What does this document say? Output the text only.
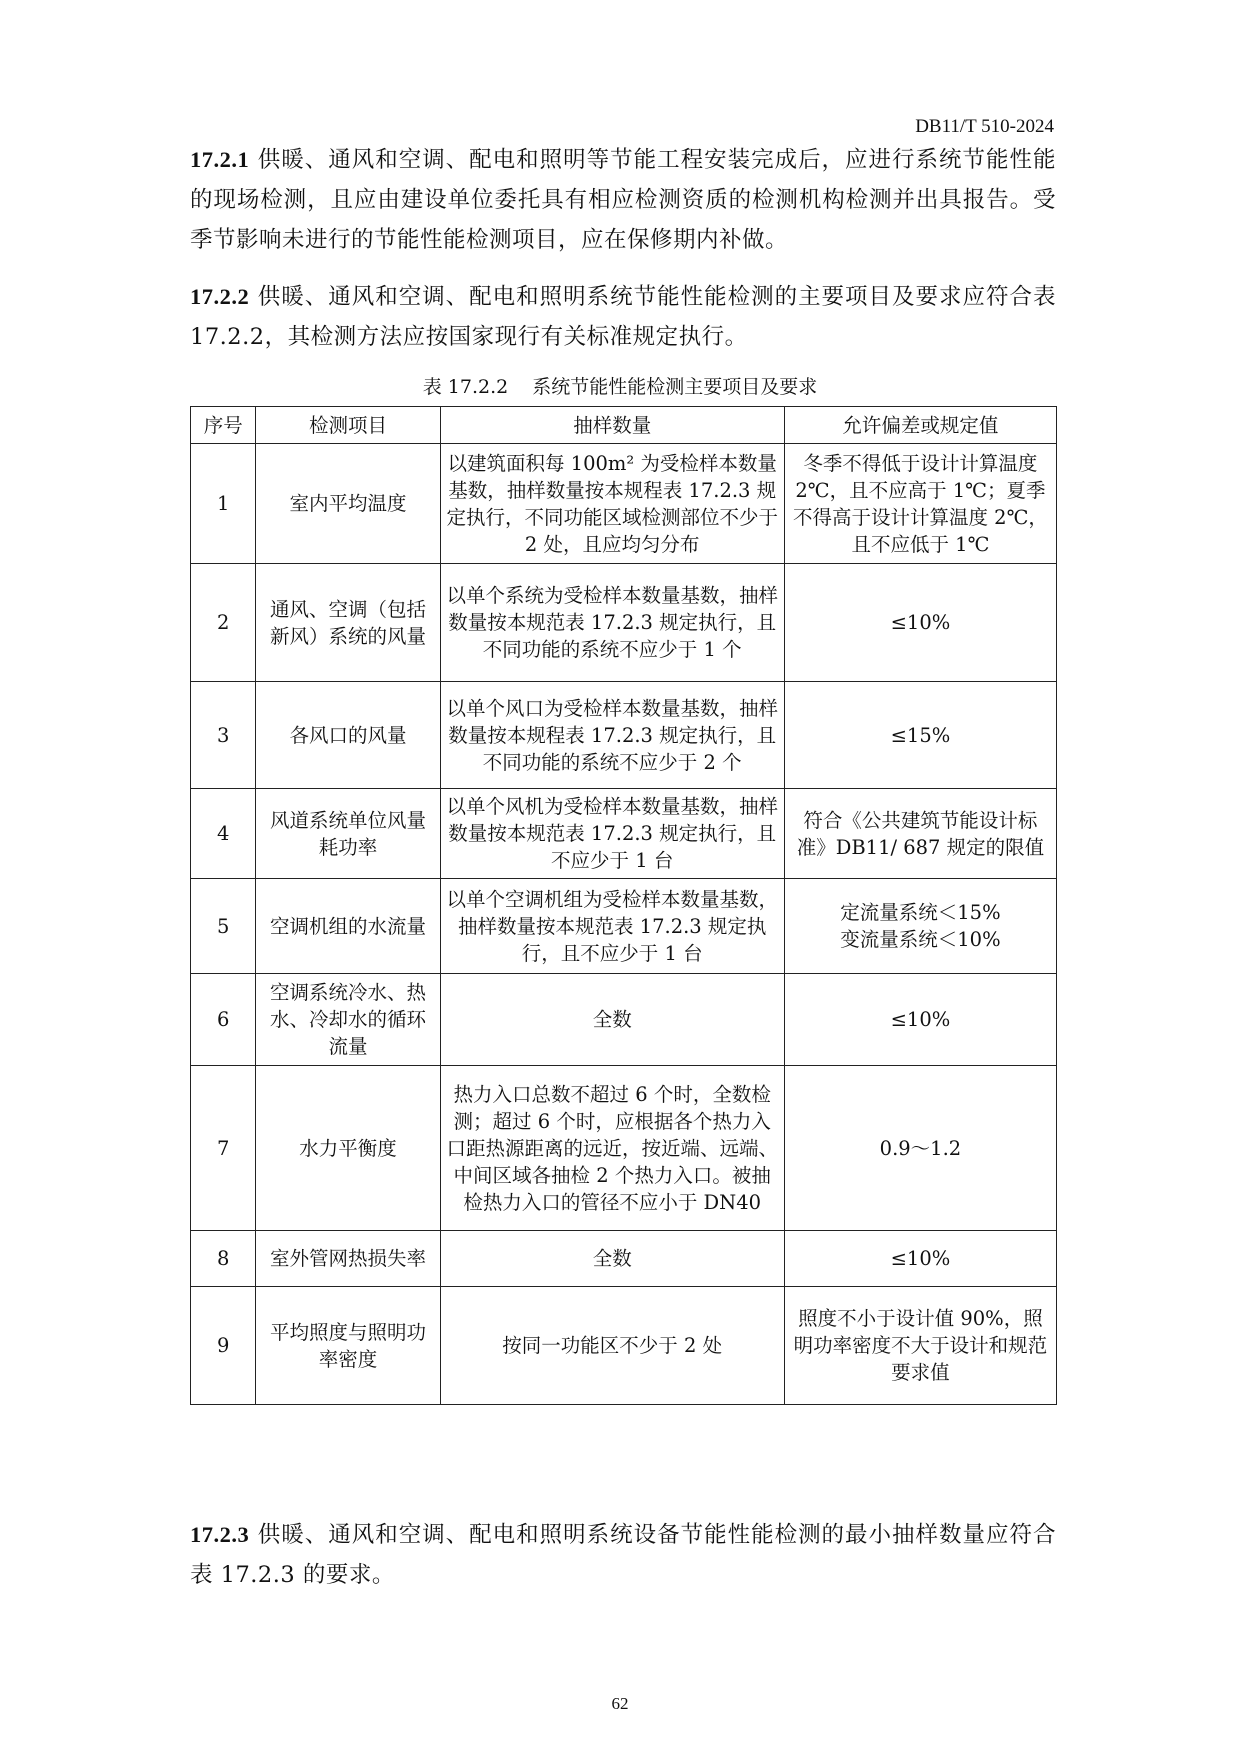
DB11/T 510-2024
17.2.1 供暖、通风和空调、配电和照明等节能工程安装完成后，应进行系统节能性能的现场检测，且应由建设单位委托具有相应检测资质的检测机构检测并出具报告。受季节影响未进行的节能性能检测项目，应在保修期内补做。
17.2.2 供暖、通风和空调、配电和照明系统节能性能检测的主要项目及要求应符合表 17.2.2，其检测方法应按国家现行有关标准规定执行。
表 17.2.2 系统节能性能检测主要项目及要求
序号	检测项目	抽样数量	允许偏差或规定值
1	室内平均温度	以建筑面积每 100m² 为受检样本数量基数，抽样数量按本规程表 17.2.3 规定执行，不同功能区域检测部位不少于 2 处，且应均匀分布	冬季不得低于设计计算温度 2℃，且不应高于 1℃；夏季不得高于设计计算温度 2℃，且不应低于 1℃
2	通风、空调（包括新风）系统的风量	以单个系统为受检样本数量基数，抽样数量按本规范表 17.2.3 规定执行，且不同功能的系统不应少于 1 个	≤10%
3	各风口的风量	以单个风口为受检样本数量基数，抽样数量按本规程表 17.2.3 规定执行，且不同功能的系统不应少于 2 个	≤15%
4	风道系统单位风量耗功率	以单个风机为受检样本数量基数，抽样数量按本规范表 17.2.3 规定执行，且不应少于 1 台	符合《公共建筑节能设计标准》DB11/ 687 规定的限值
5	空调机组的水流量	以单个空调机组为受检样本数量基数，抽样数量按本规范表 17.2.3 规定执行，且不应少于 1 台	定流量系统＜15%
变流量系统＜10%

6	空调系统冷水、热水、冷却水的循环流量	全数	≤10%
7	水力平衡度	热力入口总数不超过 6 个时，全数检测；超过 6 个时，应根据各个热力入口距热源距离的远近，按近端、远端、中间区域各抽检 2 个热力入口。被抽检热力入口的管径不应小于 DN40	0.9～1.2
8	室外管网热损失率	全数	≤10%
9	平均照度与照明功率密度	按同一功能区不少于 2 处	照度不小于设计值 90%，照明功率密度不大于设计和规范要求值
17.2.3 供暖、通风和空调、配电和照明系统设备节能性能检测的最小抽样数量应符合表 17.2.3 的要求。
62
